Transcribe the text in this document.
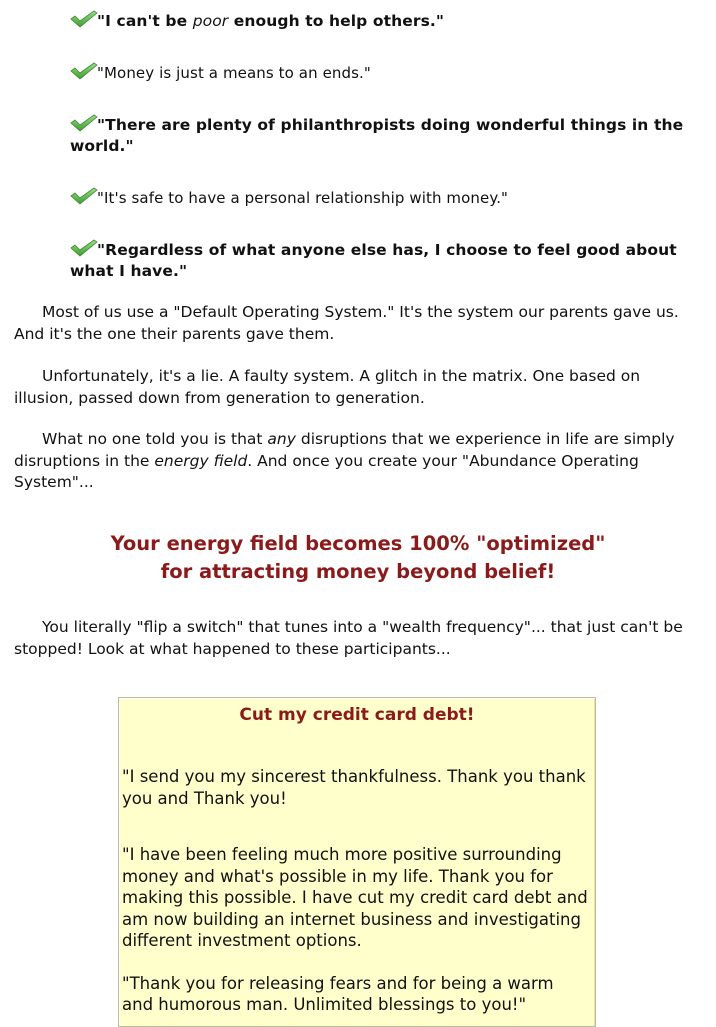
"I can't be poor enough to help others."

"Money is just a means to an ends."

"There are plenty of philanthropists doing wonderful things in the world."

"It's safe to have a personal relationship with money."

"Regardless of what anyone else has, I choose to feel good about what I have."

Most of us use a "Default Operating System." It's the system our parents gave us. And it's the one their parents gave them.

Unfortunately, it's a lie. A faulty system. A glitch in the matrix. One based on illusion, passed down from generation to generation.

What no one told you is that any disruptions that we experience in life are simply disruptions in the energy field. And once you create your "Abundance Operating System"...

Your energy field becomes 100% "optimized"
for attracting money beyond belief!

You literally "flip a switch" that tunes into a "wealth frequency"... that just can't be stopped! Look at what happened to these participants...

Cut my credit card debt!

"I send you my sincerest thankfulness. Thank you thank you and Thank you!

"I have been feeling much more positive surrounding money and what's possible in my life. Thank you for making this possible. I have cut my credit card debt and am now building an internet business and investigating different investment options.

"Thank you for releasing fears and for being a warm and humorous man. Unlimited blessings to you!"
